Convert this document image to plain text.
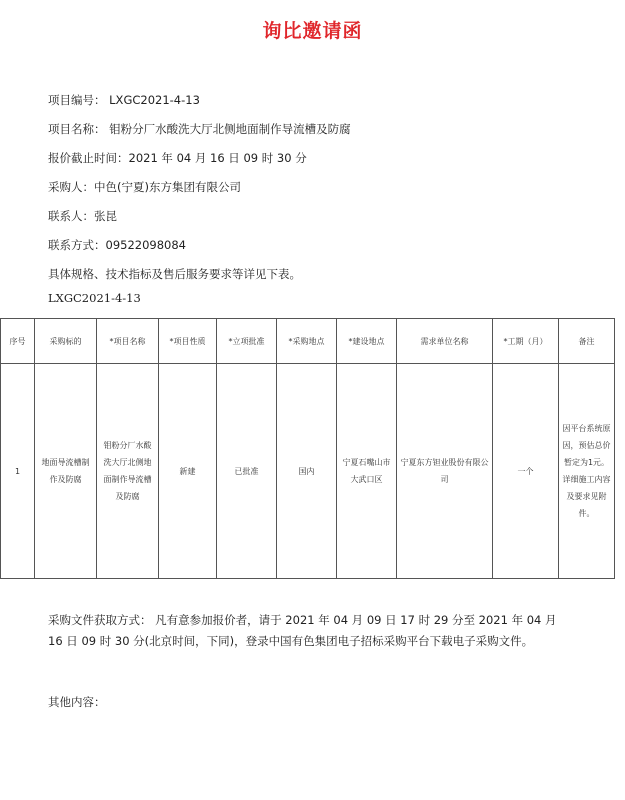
询比邀请函
项目编号： LXGC2021-4-13
项目名称： 钼粉分厂水酸洗大厅北侧地面制作导流槽及防腐
报价截止时间：2021 年 04 月 16 日 09 时 30 分
采购人：中色(宁夏)东方集团有限公司
联系人：张昆
联系方式：09522098084
具体规格、技术指标及售后服务要求等详见下表。
LXGC2021-4-13
序号	采购标的	*项目名称	*项目性质	*立项批准	*采购地点	*建设地点	需求单位名称	*工期（月）	备注
1	地面导流槽制作及防腐	钼粉分厂水酸洗大厅北侧地面制作导流槽及防腐	新建	已批准	国内	宁夏石嘴山市大武口区	宁夏东方钽业股份有限公司	一个	因平台系统原因，预估总价暂定为1元。详细施工内容及要求见附件。
采购文件获取方式： 凡有意参加报价者，请于 2021 年 04 月 09 日 17 时 29 分至 2021 年 04 月 16 日 09 时 30 分(北京时间，下同)，登录中国有色集团电子招标采购平台下载电子采购文件。
其他内容：
